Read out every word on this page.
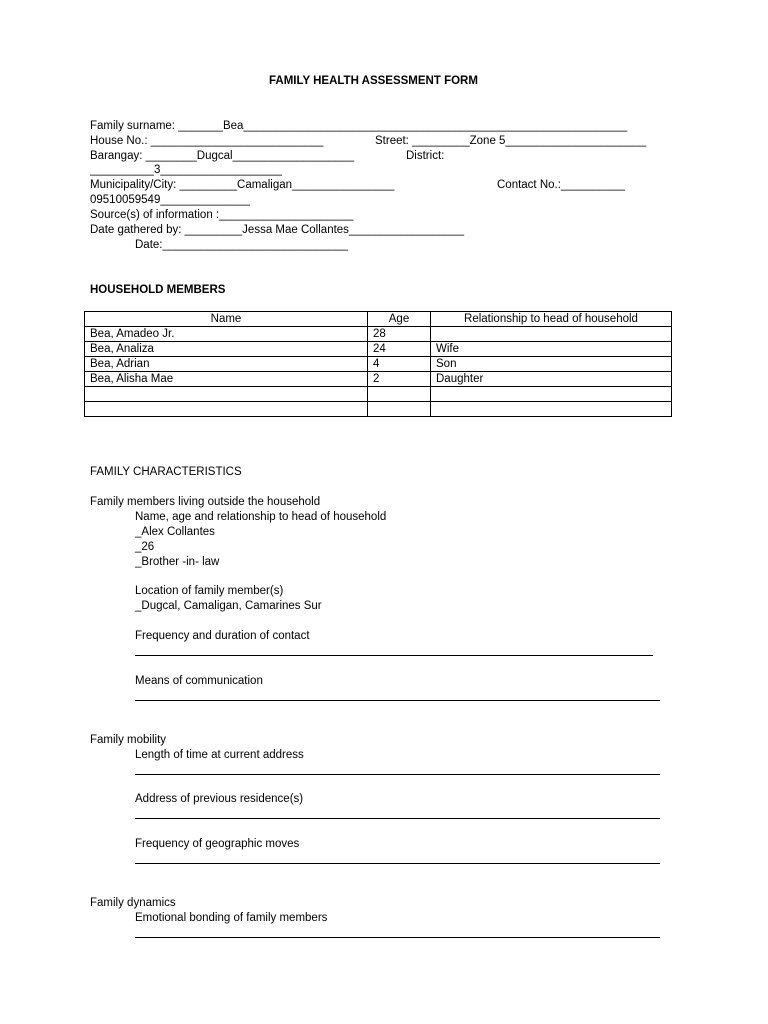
FAMILY HEALTH ASSESSMENT FORM
Family surname: _______Bea____________________________________________________________
House No.: ___________________________	Street: _________Zone 5______________________
Barangay: ________Dugcal___________________	District:
__________3___________________
Municipality/City: _________Camaligan________________	Contact No.:__________
09510059549______________
Source(s) of information :_____________________
Date gathered by: _________Jessa Mae Collantes__________________
Date:_____________________________
HOUSEHOLD MEMBERS
Name	Age	Relationship to head of household
Bea, Amadeo Jr.	28	
Bea, Analiza	24	Wife
Bea, Adrian	4	Son
Bea, Alisha Mae	2	Daughter

FAMILY CHARACTERISTICS
Family members living outside the household
Name, age and relationship to head of household
_Alex Collantes
_26
_Brother -in- law
Location of family member(s)
_Dugcal, Camaligan, Camarines Sur
Frequency and duration of contact
Means of communication
Family mobility
Length of time at current address
Address of previous residence(s)
Frequency of geographic moves
Family dynamics
Emotional bonding of family members
